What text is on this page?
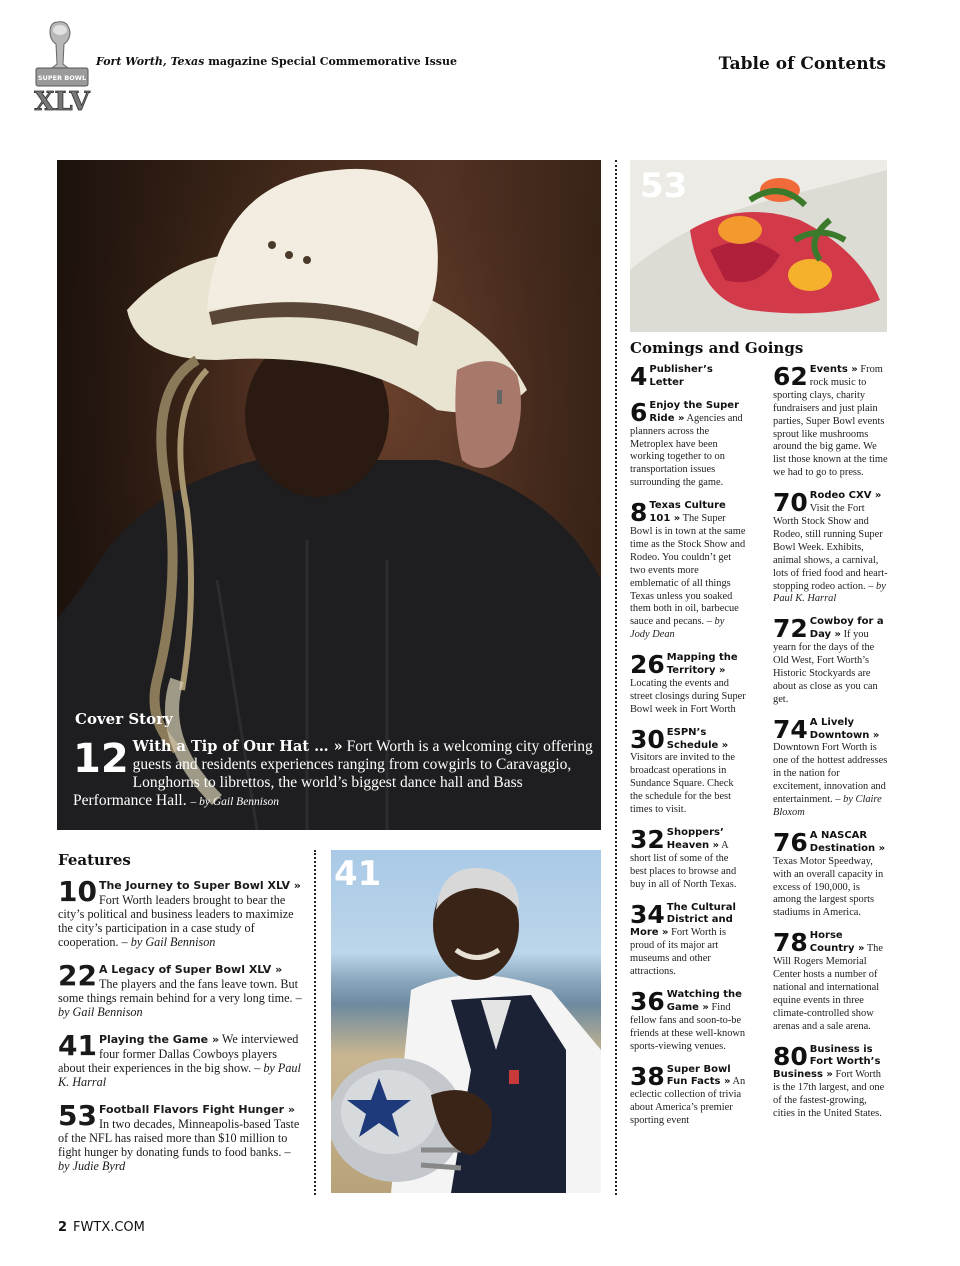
SUPER BOWL
XLV
Fort Worth, Texas magazine Special Commemorative Issue	Table of Contents
Cover Story
12 With a Tip of Our Hat … » Fort Worth is a welcoming city offering guests and residents experiences ranging from cowgirls to Caravaggio, Longhorns to librettos, the world’s biggest dance hall and Bass Performance Hall. – by Gail Bennison
53
Features
10 The Journey to Super Bowl XLV » Fort Worth leaders brought to bear the city’s political and business leaders to maximize the city’s participation in a case study of cooperation. – by Gail Bennison
22 A Legacy of Super Bowl XLV » The players and the fans leave town. But some things remain behind for a very long time. – by Gail Bennison
41 Playing the Game » We interviewed four former Dallas Cowboys players about their experiences in the big show. – by Paul K. Harral
53 Football Flavors Fight Hunger » In two decades, Minneapolis-based Taste of the NFL has raised more than $10 million to fight hunger by donating funds to food banks. – by Judie Byrd
41
Comings and Goings
4 Publisher’s Letter
6 Enjoy the Super Ride » Agencies and planners across the Metroplex have been working together to on transportation issues surrounding the game.
8 Texas Culture 101 » The Super Bowl is in town at the same time as the Stock Show and Rodeo. You couldn’t get two events more emblematic of all things Texas unless you soaked them both in oil, barbecue sauce and pecans. – by Jody Dean
26 Mapping the Territory » Locating the events and street closings during Super Bowl week in Fort Worth
30 ESPN’s Schedule » Visitors are invited to the broadcast operations in Sundance Square. Check the schedule for the best times to visit.
32 Shoppers’ Heaven » A short list of some of the best places to browse and buy in all of North Texas.
34 The Cultural District and More » Fort Worth is proud of its major art museums and other attractions.
36 Watching the Game » Find fellow fans and soon-to-be friends at these well-known sports-viewing venues.
38 Super Bowl Fun Facts » An eclectic collection of trivia about America’s premier sporting event
62 Events » From rock music to sporting clays, charity fundraisers and just plain parties, Super Bowl events sprout like mushrooms around the big game. We list those known at the time we had to go to press.
70 Rodeo CXV » Visit the Fort Worth Stock Show and Rodeo, still running Super Bowl Week. Exhibits, animal shows, a carnival, lots of fried food and heart-stopping rodeo action. – by Paul K. Harral
72 Cowboy for a Day » If you yearn for the days of the Old West, Fort Worth’s Historic Stockyards are about as close as you can get.
74 A Lively Downtown » Downtown Fort Worth is one of the hottest addresses in the nation for excitement, innovation and entertainment. – by Claire Bloxom
76 A NASCAR Destination » Texas Motor Speedway, with an overall capacity in excess of 190,000, is among the largest sports stadiums in America.
78 Horse Country » The Will Rogers Memorial Center hosts a number of national and international equine events in three climate-controlled show arenas and a sale arena.
80 Business is Fort Worth’s Business » Fort Worth is the 17th largest, and one of the fastest-growing, cities in the United States.
2 FWTX.COM
